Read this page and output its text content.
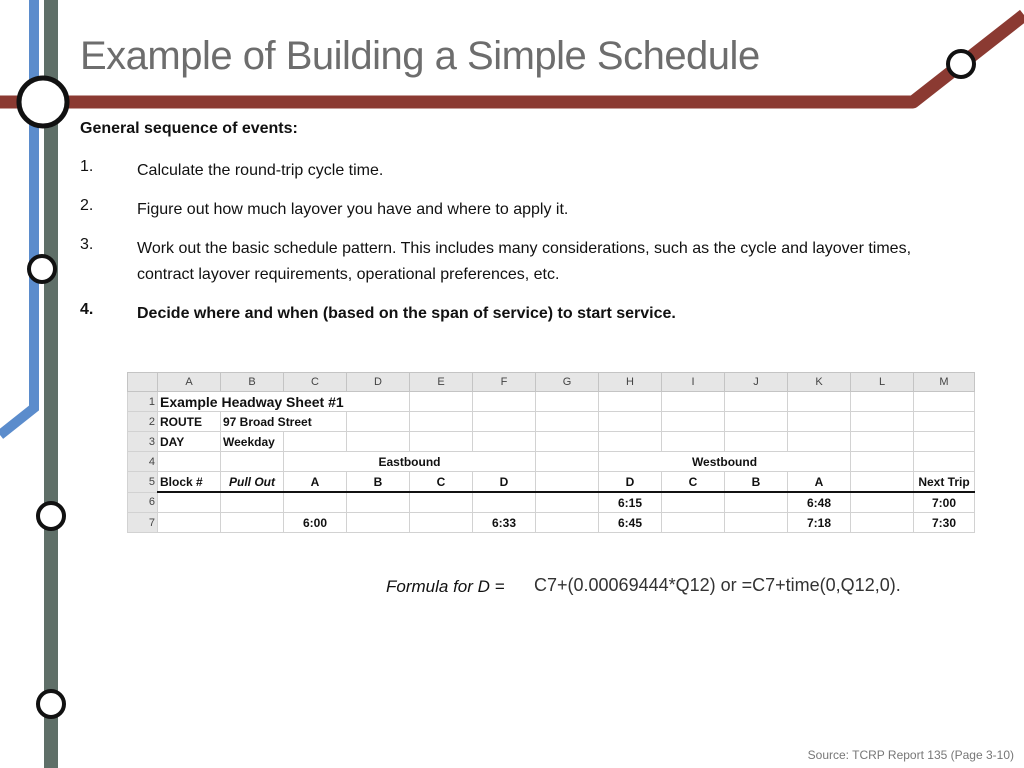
Example of Building a Simple Schedule
General sequence of events:
1.	Calculate the round-trip cycle time.
2.	Figure out how much layover you have and where to apply it.
3.	Work out the basic schedule pattern. This includes many considerations, such as the cycle and layover times, contract layover requirements, operational preferences, etc.
4.	Decide where and when (based on the span of service) to start service.
	A	B	C	D	E	F	G	H	I	J	K	L	M
1	Example Headway Sheet #1												
2	ROUTE	97 Broad Street											
3	DAY	Weekday											
4			Eastbound					Westbound					
5	Block #	Pull Out	A	B	C	D		D	C	B	A		Next Trip
6								6:15			6:48		7:00
7			6:00			6:33		6:45			7:18		7:30
Formula for D = C7+(0.00069444*Q12) or =C7+time(0,Q12,0).
Source: TCRP Report 135 (Page 3-10)
